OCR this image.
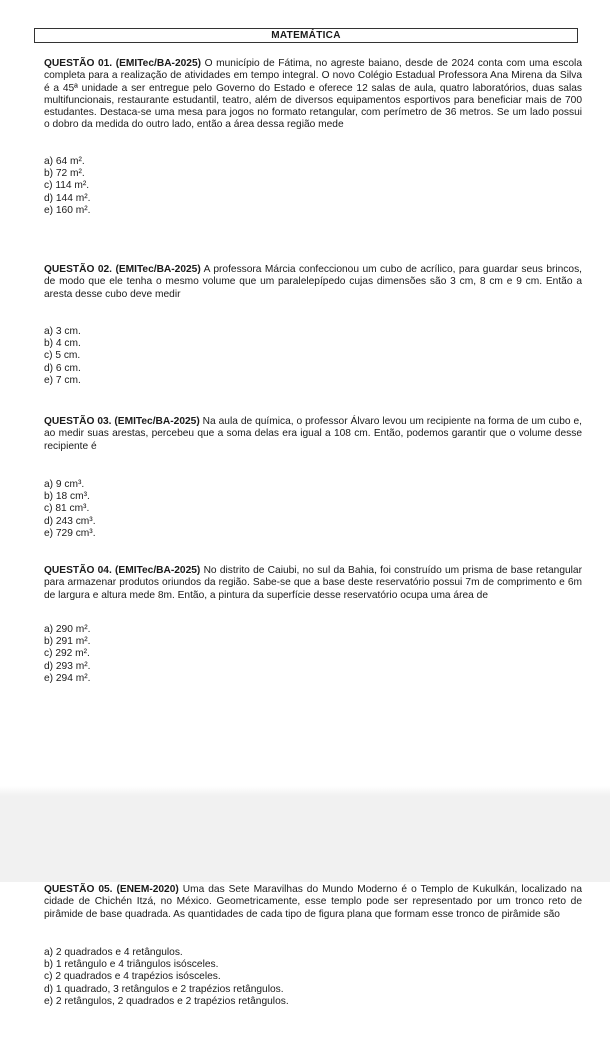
MATEMÁTICA

QUESTÃO 01. (EMITec/BA-2025) O município de Fátima, no agreste baiano, desde de 2024 conta com uma escola completa para a realização de atividades em tempo integral. O novo Colégio Estadual Professora Ana Mirena da Silva é a 45ª unidade a ser entregue pelo Governo do Estado e oferece 12 salas de aula, quatro laboratórios, duas salas multifuncionais, restaurante estudantil, teatro, além de diversos equipamentos esportivos para beneficiar mais de 700 estudantes. Destaca-se uma mesa para jogos no formato retangular, com perímetro de 36 metros. Se um lado possui o dobro da medida do outro lado, então a área dessa região mede

a) 64 m².
b) 72 m².
c) 114 m².
d) 144 m².
e) 160 m².

QUESTÃO 02. (EMITec/BA-2025) A professora Márcia confeccionou um cubo de acrílico, para guardar seus brincos, de modo que ele tenha o mesmo volume que um paralelepípedo cujas dimensões são 3 cm, 8 cm e 9 cm. Então a aresta desse cubo deve medir

a) 3 cm.
b) 4 cm.
c) 5 cm.
d) 6 cm.
e) 7 cm.

QUESTÃO 03. (EMITec/BA-2025) Na aula de química, o professor Álvaro levou um recipiente na forma de um cubo e, ao medir suas arestas, percebeu que a soma delas era igual a 108 cm. Então, podemos garantir que o volume desse recipiente é

a) 9 cm³.
b) 18 cm³.
c) 81 cm³.
d) 243 cm³.
e) 729 cm³.

QUESTÃO 04. (EMITec/BA-2025) No distrito de Caiubi, no sul da Bahia, foi construído um prisma de base retangular para armazenar produtos oriundos da região. Sabe-se que a base deste reservatório possui 7m de comprimento e 6m de largura e altura mede 8m. Então, a pintura da superfície desse reservatório ocupa uma área de

a) 290 m².
b) 291 m².
c) 292 m².
d) 293 m².
e) 294 m².

QUESTÃO 05. (ENEM-2020) Uma das Sete Maravilhas do Mundo Moderno é o Templo de Kukulkán, localizado na cidade de Chichén Itzá, no México. Geometricamente, esse templo pode ser representado por um tronco reto de pirâmide de base quadrada. As quantidades de cada tipo de figura plana que formam esse tronco de pirâmide são

a) 2 quadrados e 4 retângulos.
b) 1 retângulo e 4 triângulos isósceles.
c) 2 quadrados e 4 trapézios isósceles.
d) 1 quadrado, 3 retângulos e 2 trapézios retângulos.
e) 2 retângulos, 2 quadrados e 2 trapézios retângulos.
